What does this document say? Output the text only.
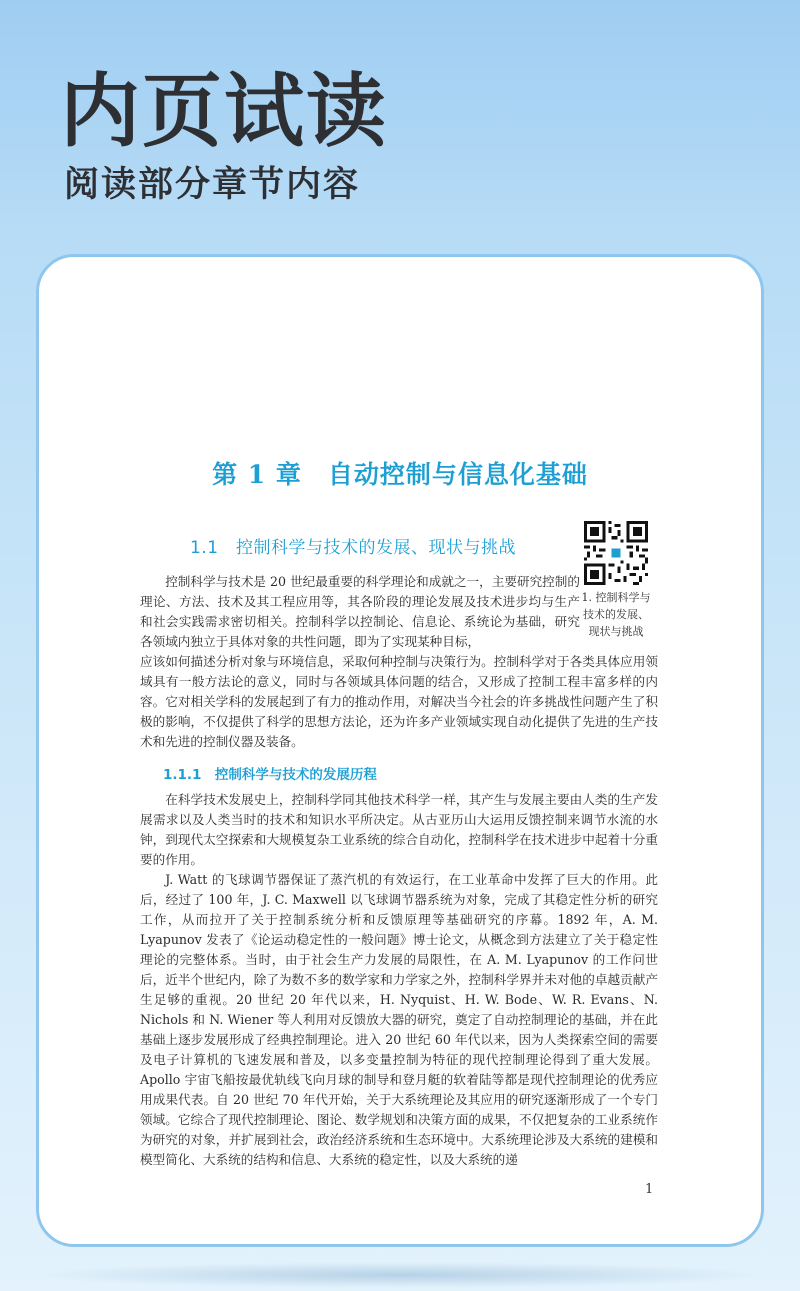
内页试读
阅读部分章节内容
第 1 章　自动控制与信息化基础
1.1　控制科学与技术的发展、现状与挑战
1. 控制科学与技术的发展、现状与挑战
控制科学与技术是 20 世纪最重要的科学理论和成就之一，主要研究控制的理论、方法、技术及其工程应用等，其各阶段的理论发展及技术进步均与生产和社会实践需求密切相关。控制科学以控制论、信息论、系统论为基础，研究各领域内独立于具体对象的共性问题，即为了实现某种目标，
应该如何描述分析对象与环境信息，采取何种控制与决策行为。控制科学对于各类具体应用领域具有一般方法论的意义，同时与各领域具体问题的结合，又形成了控制工程丰富多样的内容。它对相关学科的发展起到了有力的推动作用，对解决当今社会的许多挑战性问题产生了积极的影响，不仅提供了科学的思想方法论，还为许多产业领域实现自动化提供了先进的生产技术和先进的控制仪器及装备。
1.1.1　控制科学与技术的发展历程
在科学技术发展史上，控制科学同其他技术科学一样，其产生与发展主要由人类的生产发展需求以及人类当时的技术和知识水平所决定。从古亚历山大运用反馈控制来调节水流的水钟，到现代太空探索和大规模复杂工业系统的综合自动化，控制科学在技术进步中起着十分重要的作用。
J. Watt 的飞球调节器保证了蒸汽机的有效运行，在工业革命中发挥了巨大的作用。此后，经过了 100 年，J. C. Maxwell 以飞球调节器系统为对象，完成了其稳定性分析的研究工作，从而拉开了关于控制系统分析和反馈原理等基础研究的序幕。1892 年，A. M. Lyapunov 发表了《论运动稳定性的一般问题》博士论文，从概念到方法建立了关于稳定性理论的完整体系。当时，由于社会生产力发展的局限性，在 A. M. Lyapunov 的工作问世后，近半个世纪内，除了为数不多的数学家和力学家之外，控制科学界并未对他的卓越贡献产生足够的重视。20 世纪 20 年代以来，H. Nyquist、H. W. Bode、W. R. Evans、N. Nichols 和 N. Wiener 等人利用对反馈放大器的研究，奠定了自动控制理论的基础，并在此基础上逐步发展形成了经典控制理论。进入 20 世纪 60 年代以来，因为人类探索空间的需要及电子计算机的飞速发展和普及，以多变量控制为特征的现代控制理论得到了重大发展。Apollo 宇宙飞船按最优轨线飞向月球的制导和登月艇的软着陆等都是现代控制理论的优秀应用成果代表。自 20 世纪 70 年代开始，关于大系统理论及其应用的研究逐渐形成了一个专门领域。它综合了现代控制理论、图论、数学规划和决策方面的成果，不仅把复杂的工业系统作为研究的对象，并扩展到社会，政治经济系统和生态环境中。大系统理论涉及大系统的建模和模型简化、大系统的结构和信息、大系统的稳定性，以及大系统的递
1
